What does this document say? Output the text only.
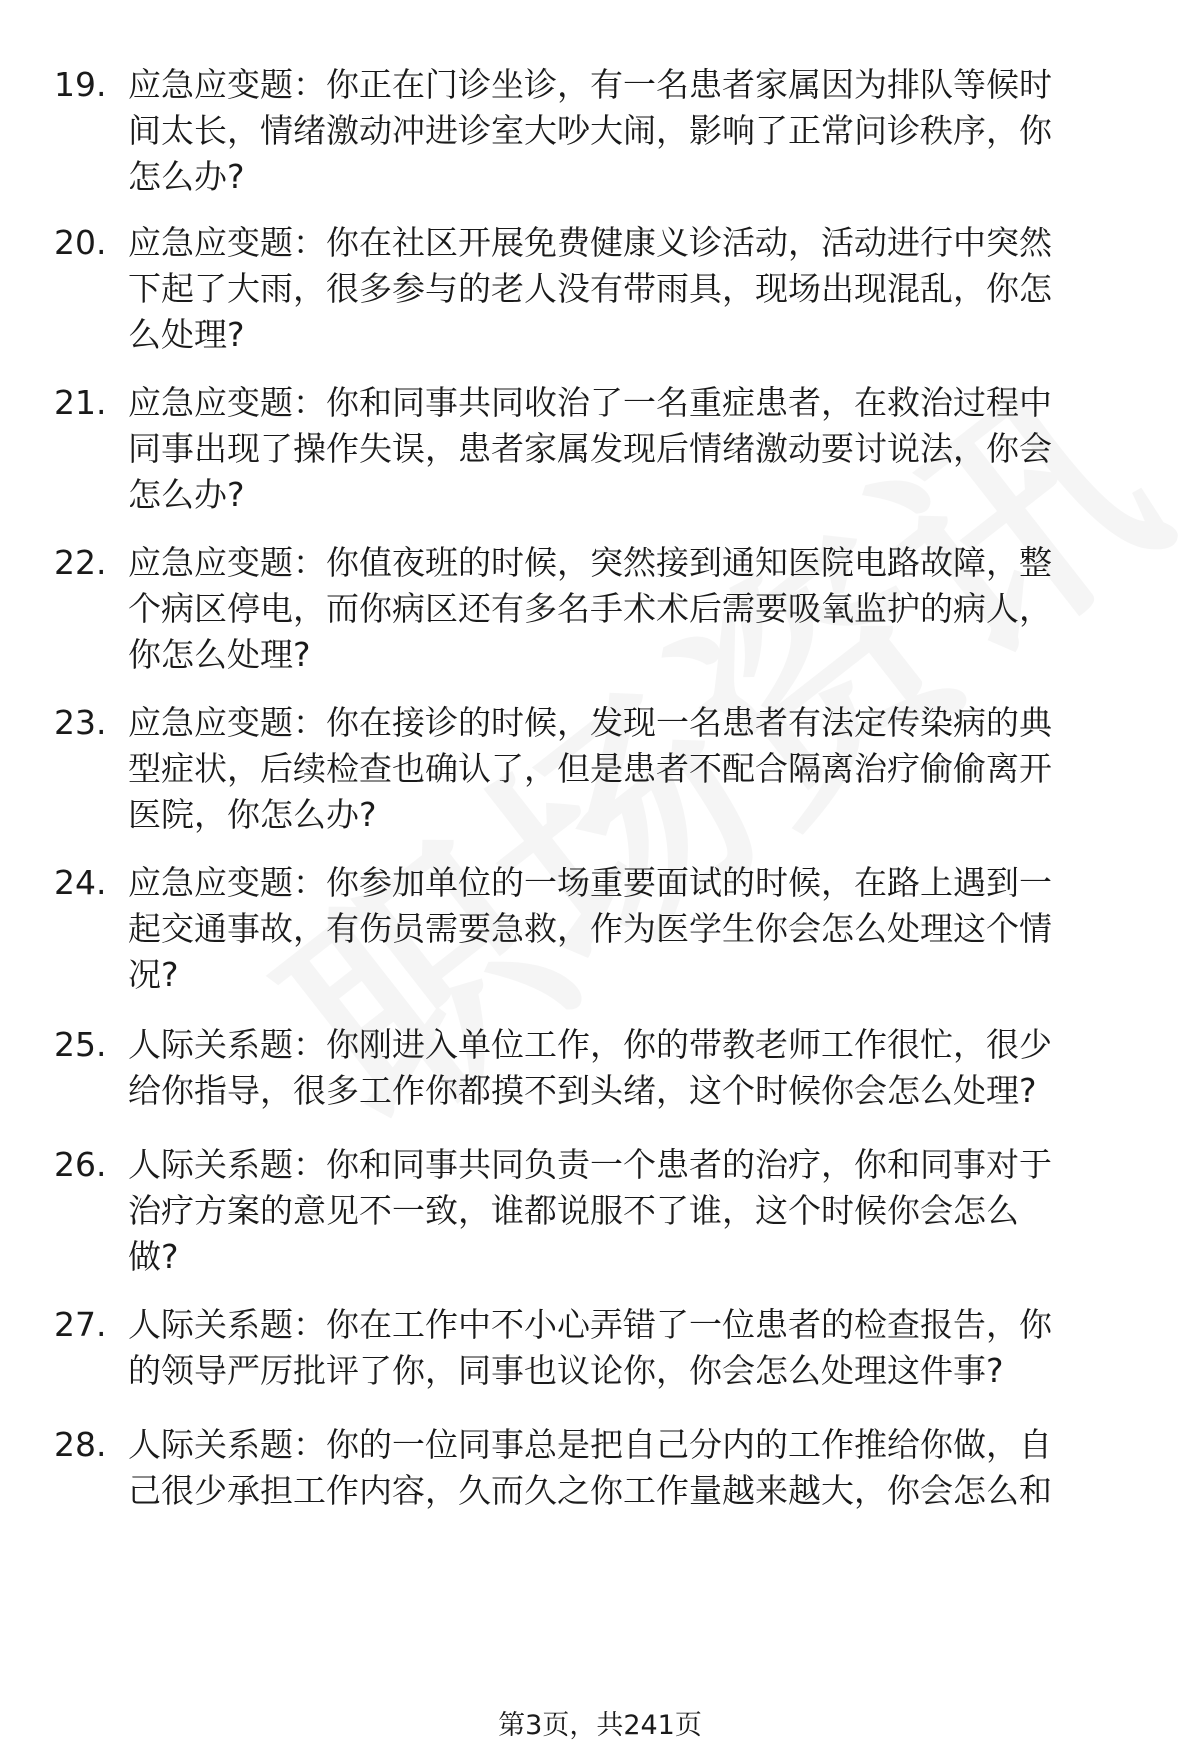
19. 应急应变题：你正在门诊坐诊，有一名患者家属因为排队等候时
间太长，情绪激动冲进诊室大吵大闹，影响了正常问诊秩序，你
怎么办?
20. 应急应变题：你在社区开展免费健康义诊活动，活动进行中突然
下起了大雨，很多参与的老人没有带雨具，现场出现混乱，你怎
么处理?
21. 应急应变题：你和同事共同收治了一名重症患者，在救治过程中
同事出现了操作失误，患者家属发现后情绪激动要讨说法，你会
怎么办?
22. 应急应变题：你值夜班的时候，突然接到通知医院电路故障，整
个病区停电，而你病区还有多名手术术后需要吸氧监护的病人，
你怎么处理?
23. 应急应变题：你在接诊的时候，发现一名患者有法定传染病的典
型症状，后续检查也确认了，但是患者不配合隔离治疗偷偷离开
医院，你怎么办?
24. 应急应变题：你参加单位的一场重要面试的时候，在路上遇到一
起交通事故，有伤员需要急救，作为医学生你会怎么处理这个情
况?
25. 人际关系题：你刚进入单位工作，你的带教老师工作很忙，很少
给你指导，很多工作你都摸不到头绪，这个时候你会怎么处理?
26. 人际关系题：你和同事共同负责一个患者的治疗，你和同事对于
治疗方案的意见不一致，谁都说服不了谁，这个时候你会怎么
做?
27. 人际关系题：你在工作中不小心弄错了一位患者的检查报告，你
的领导严厉批评了你，同事也议论你，你会怎么处理这件事?
28. 人际关系题：你的一位同事总是把自己分内的工作推给你做，自
己很少承担工作内容，久而久之你工作量越来越大，你会怎么和
第3页，共241页
